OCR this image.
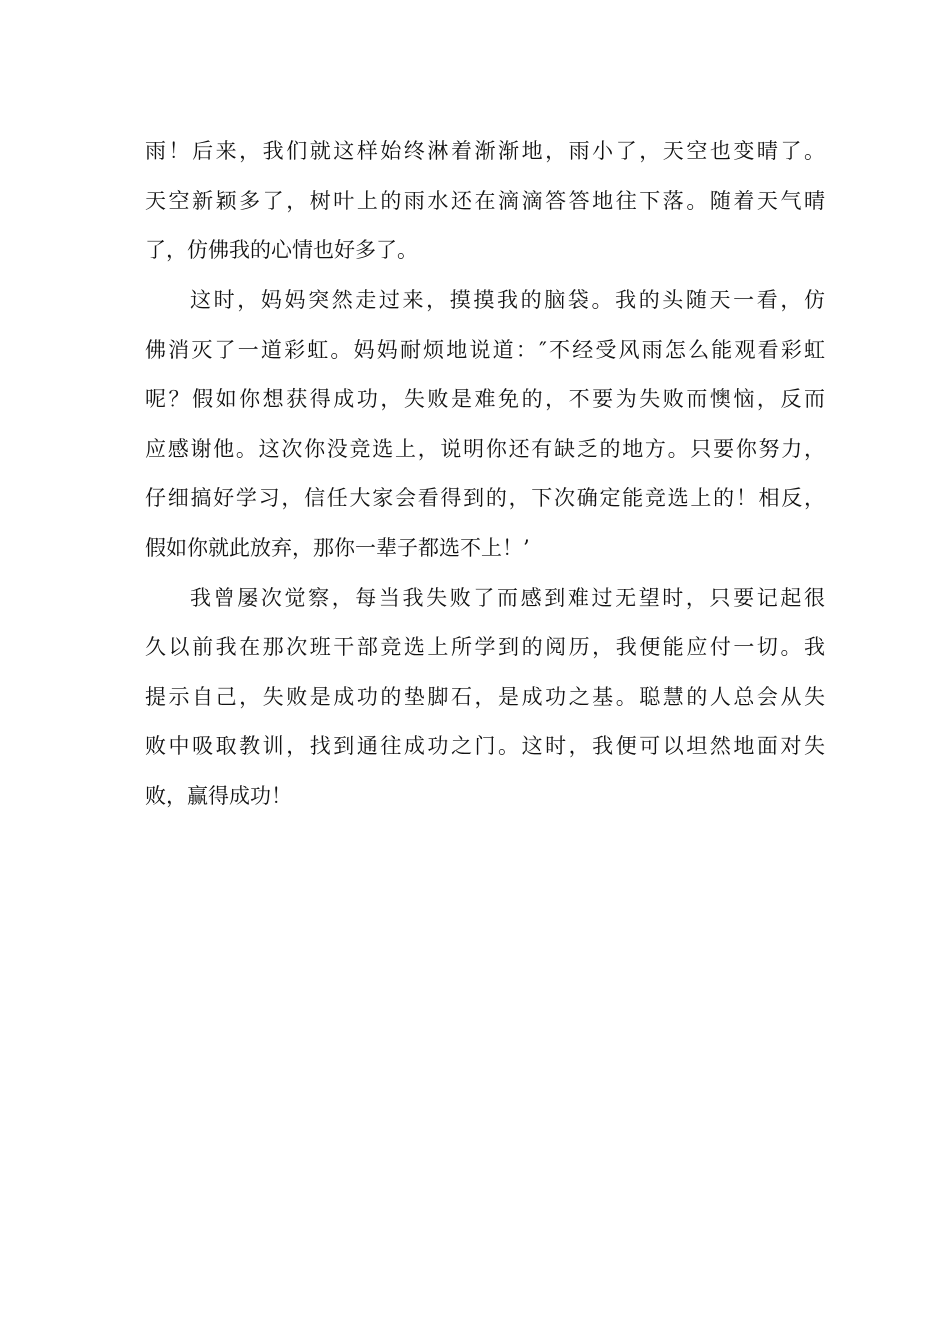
雨！后来，我们就这样始终淋着渐渐地，雨小了，天空也变晴了。
天空新颖多了，树叶上的雨水还在滴滴答答地往下落。随着天气晴
了，仿佛我的心情也好多了。
这时，妈妈突然走过来，摸摸我的脑袋。我的头随天一看，仿
佛消灭了一道彩虹。妈妈耐烦地说道：″不经受风雨怎么能观看彩虹
呢？假如你想获得成功，失败是难免的，不要为失败而懊恼，反而
应感谢他。这次你没竞选上，说明你还有缺乏的地方。只要你努力，
仔细搞好学习，信任大家会看得到的，下次确定能竞选上的！相反，
假如你就此放弃，那你一辈子都选不上！’
我曾屡次觉察，每当我失败了而感到难过无望时，只要记起很
久以前我在那次班干部竞选上所学到的阅历，我便能应付一切。我
提示自己，失败是成功的垫脚石，是成功之基。聪慧的人总会从失
败中吸取教训，找到通往成功之门。这时，我便可以坦然地面对失
败，赢得成功！
